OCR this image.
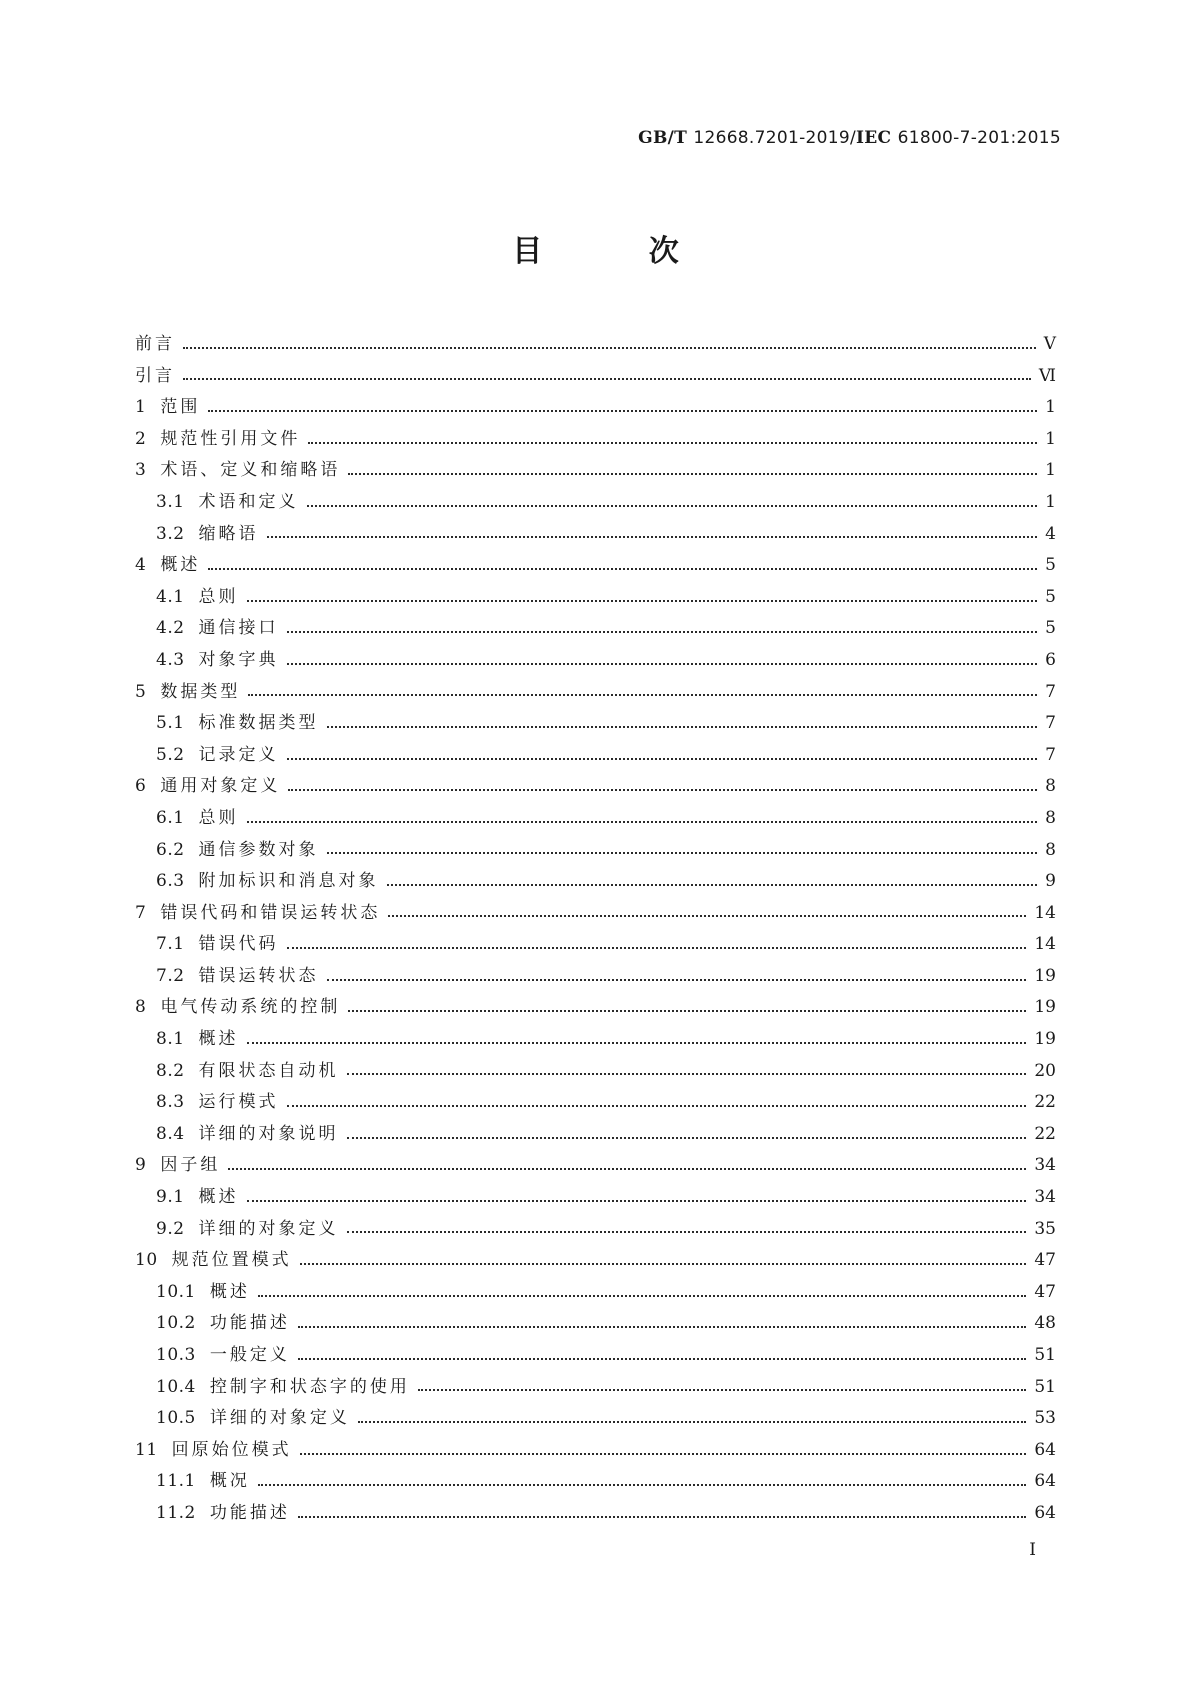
GB/T 12668.7201-2019/IEC 61800-7-201:2015
目 次
前言	Ⅴ
引言	Ⅵ
1 范围	1
2 规范性引用文件	1
3 术语、定义和缩略语	1
3.1 术语和定义	1
3.2 缩略语	4
4 概述	5
4.1 总则	5
4.2 通信接口	5
4.3 对象字典	6
5 数据类型	7
5.1 标准数据类型	7
5.2 记录定义	7
6 通用对象定义	8
6.1 总则	8
6.2 通信参数对象	8
6.3 附加标识和消息对象	9
7 错误代码和错误运转状态	14
7.1 错误代码	14
7.2 错误运转状态	19
8 电气传动系统的控制	19
8.1 概述	19
8.2 有限状态自动机	20
8.3 运行模式	22
8.4 详细的对象说明	22
9 因子组	34
9.1 概述	34
9.2 详细的对象定义	35
10 规范位置模式	47
10.1 概述	47
10.2 功能描述	48
10.3 一般定义	51
10.4 控制字和状态字的使用	51
10.5 详细的对象定义	53
11 回原始位模式	64
11.1 概况	64
11.2 功能描述	64
I
